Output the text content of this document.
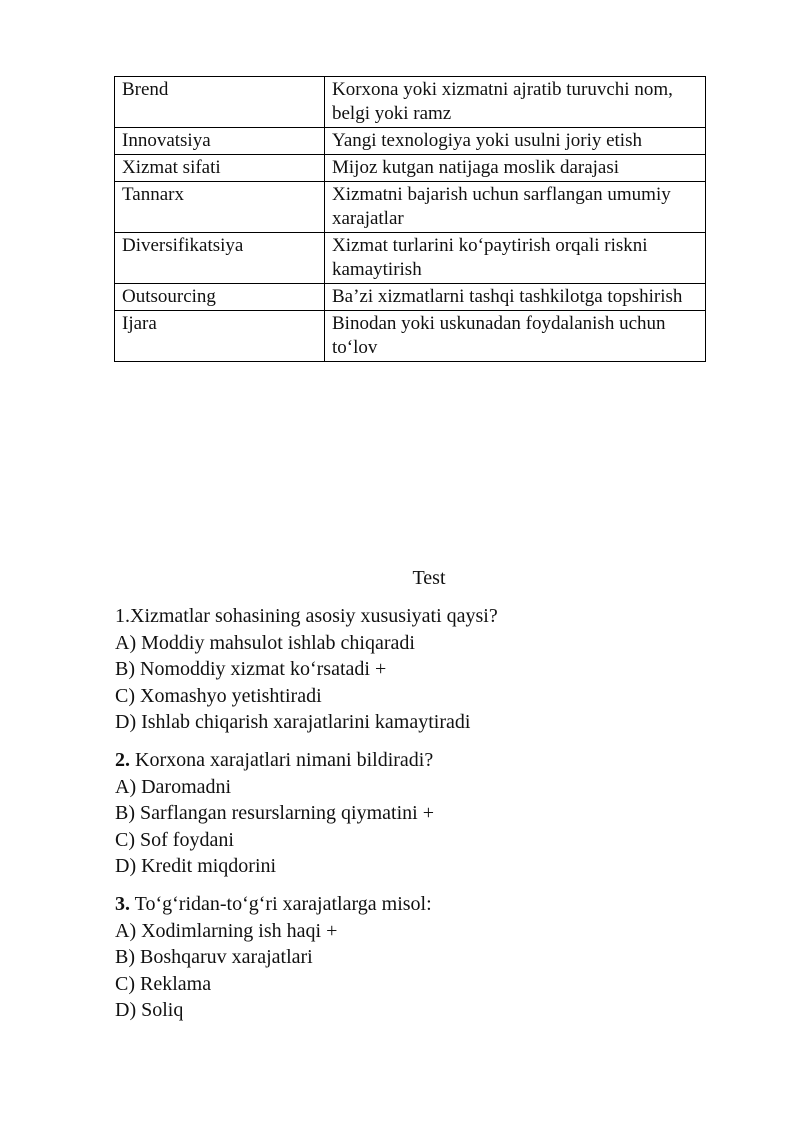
Brend	Korxona yoki xizmatni ajratib turuvchi nom, belgi yoki ramz
Innovatsiya	Yangi texnologiya yoki usulni joriy etish
Xizmat sifati	Mijoz kutgan natijaga moslik darajasi
Tannarx	Xizmatni bajarish uchun sarflangan umumiy xarajatlar
Diversifikatsiya	Xizmat turlarini koʻpaytirish orqali riskni kamaytirish
Outsourcing	Baʼzi xizmatlarni tashqi tashkilotga topshirish
Ijara	Binodan yoki uskunadan foydalanish uchun toʻlov
Test
1.Xizmatlar sohasining asosiy xususiyati qaysi?
A) Moddiy mahsulot ishlab chiqaradi
B) Nomoddiy xizmat koʻrsatadi +
C) Xomashyo yetishtiradi
D) Ishlab chiqarish xarajatlarini kamaytiradi
2. Korxona xarajatlari nimani bildiradi?
A) Daromadni
B) Sarflangan resurslarning qiymatini +
C) Sof foydani
D) Kredit miqdorini
3. Toʻgʻridan-toʻgʻri xarajatlarga misol:
A) Xodimlarning ish haqi +
B) Boshqaruv xarajatlari
C) Reklama
D) Soliq
